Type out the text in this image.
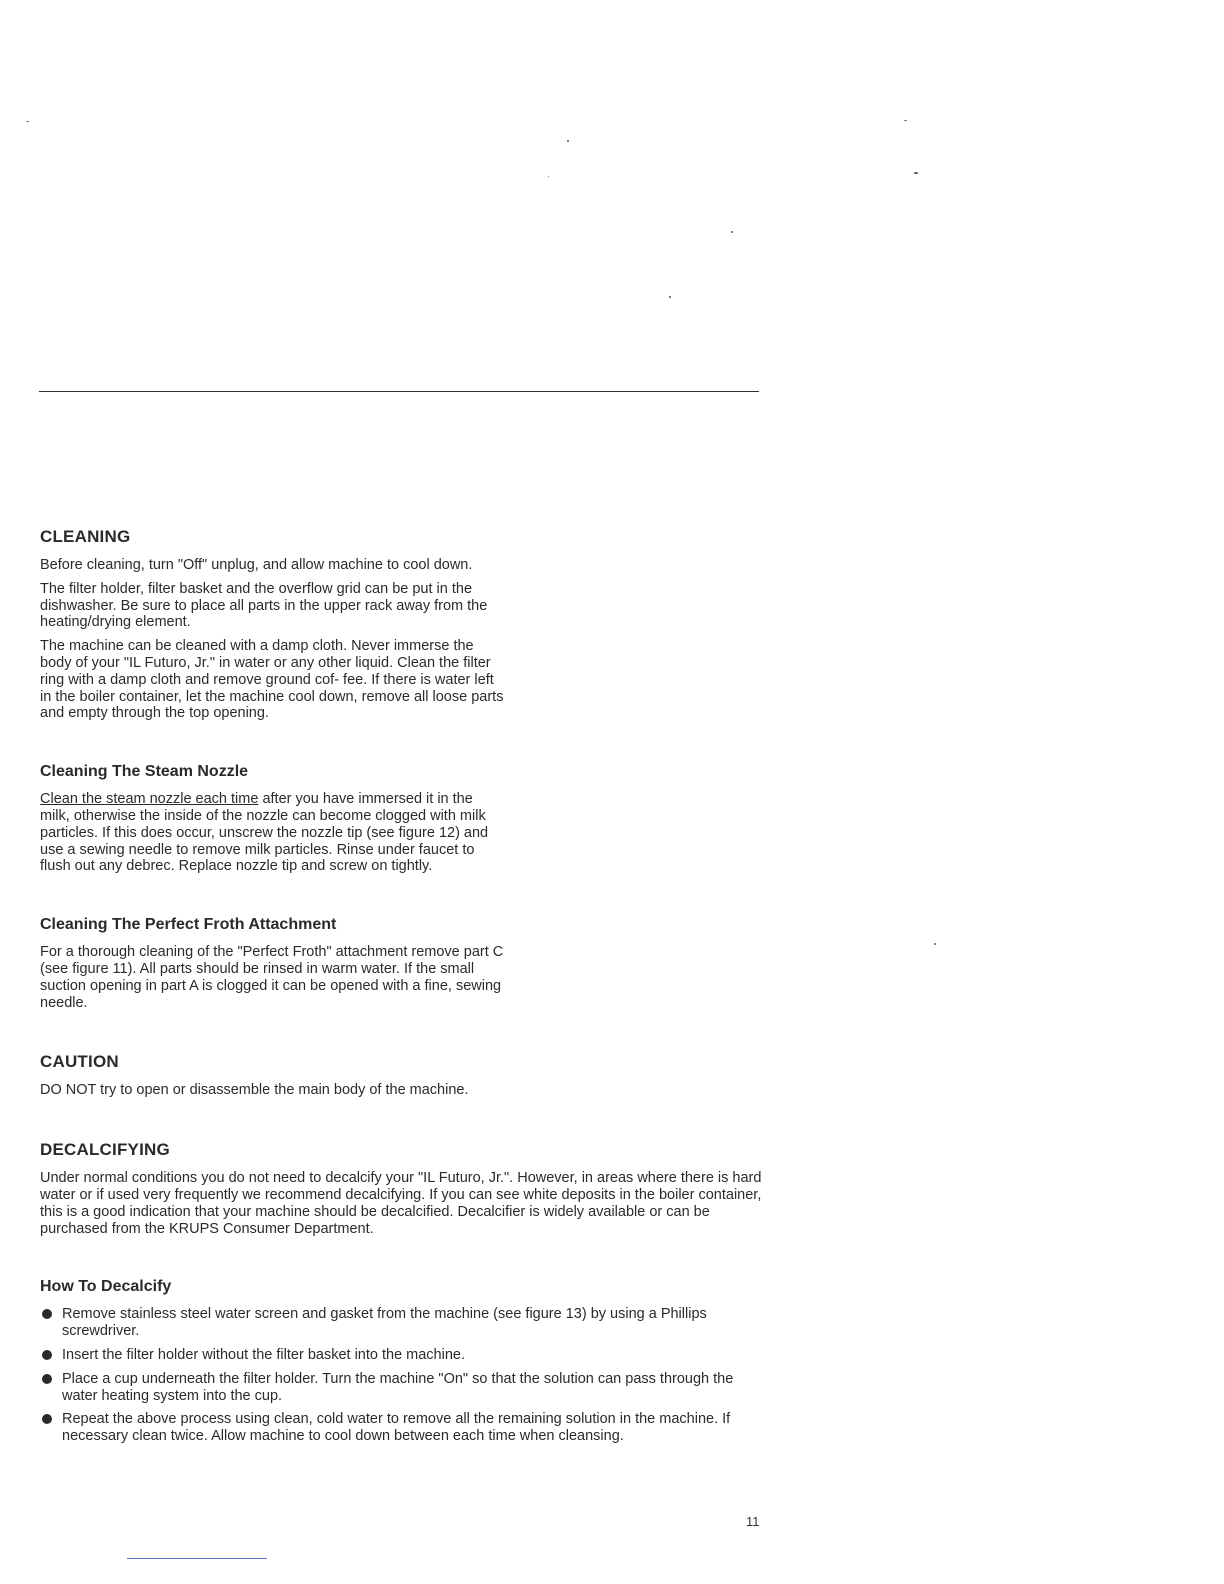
CLEANING

Before cleaning, turn "Off" unplug, and allow machine to cool down.

The filter holder, filter basket and the overflow grid can be put in the dishwasher. Be sure to place all parts in the upper rack away from the heating/drying element.

The machine can be cleaned with a damp cloth. Never immerse the body of your "IL Futuro, Jr." in water or any other liquid. Clean the filter ring with a damp cloth and remove ground cof- fee. If there is water left in the boiler container, let the machine cool down, remove all loose parts and empty through the top opening.

Cleaning The Steam Nozzle

Clean the steam nozzle each time after you have immersed it in the milk, otherwise the inside of the nozzle can become clogged with milk particles. If this does occur, unscrew the nozzle tip (see figure 12) and use a sewing needle to remove milk particles. Rinse under faucet to flush out any debrec. Replace nozzle tip and screw on tightly.

Cleaning The Perfect Froth Attachment

For a thorough cleaning of the "Perfect Froth" attachment remove part C (see figure 11). All parts should be rinsed in warm water. If the small suction opening in part A is clogged it can be opened with a fine, sewing needle.

CAUTION

DO NOT try to open or disassemble the main body of the machine.

DECALCIFYING

Under normal conditions you do not need to decalcify your "IL Futuro, Jr.". However, in areas where there is hard water or if used very frequently we recommend decalcifying. If you can see white deposits in the boiler container, this is a good indication that your machine should be decalcified. Decalcifier is widely available or can be purchased from the KRUPS Consumer Department.

How To Decalcify
Remove stainless steel water screen and gasket from the machine (see figure 13) by using a Phillips screwdriver.
Insert the filter holder without the filter basket into the machine.
Place a cup underneath the filter holder. Turn the machine "On" so that the solution can pass through the water heating system into the cup.
Repeat the above process using clean, cold water to remove all the remaining solution in the machine. If necessary clean twice. Allow machine to cool down between each time when cleansing.
11
